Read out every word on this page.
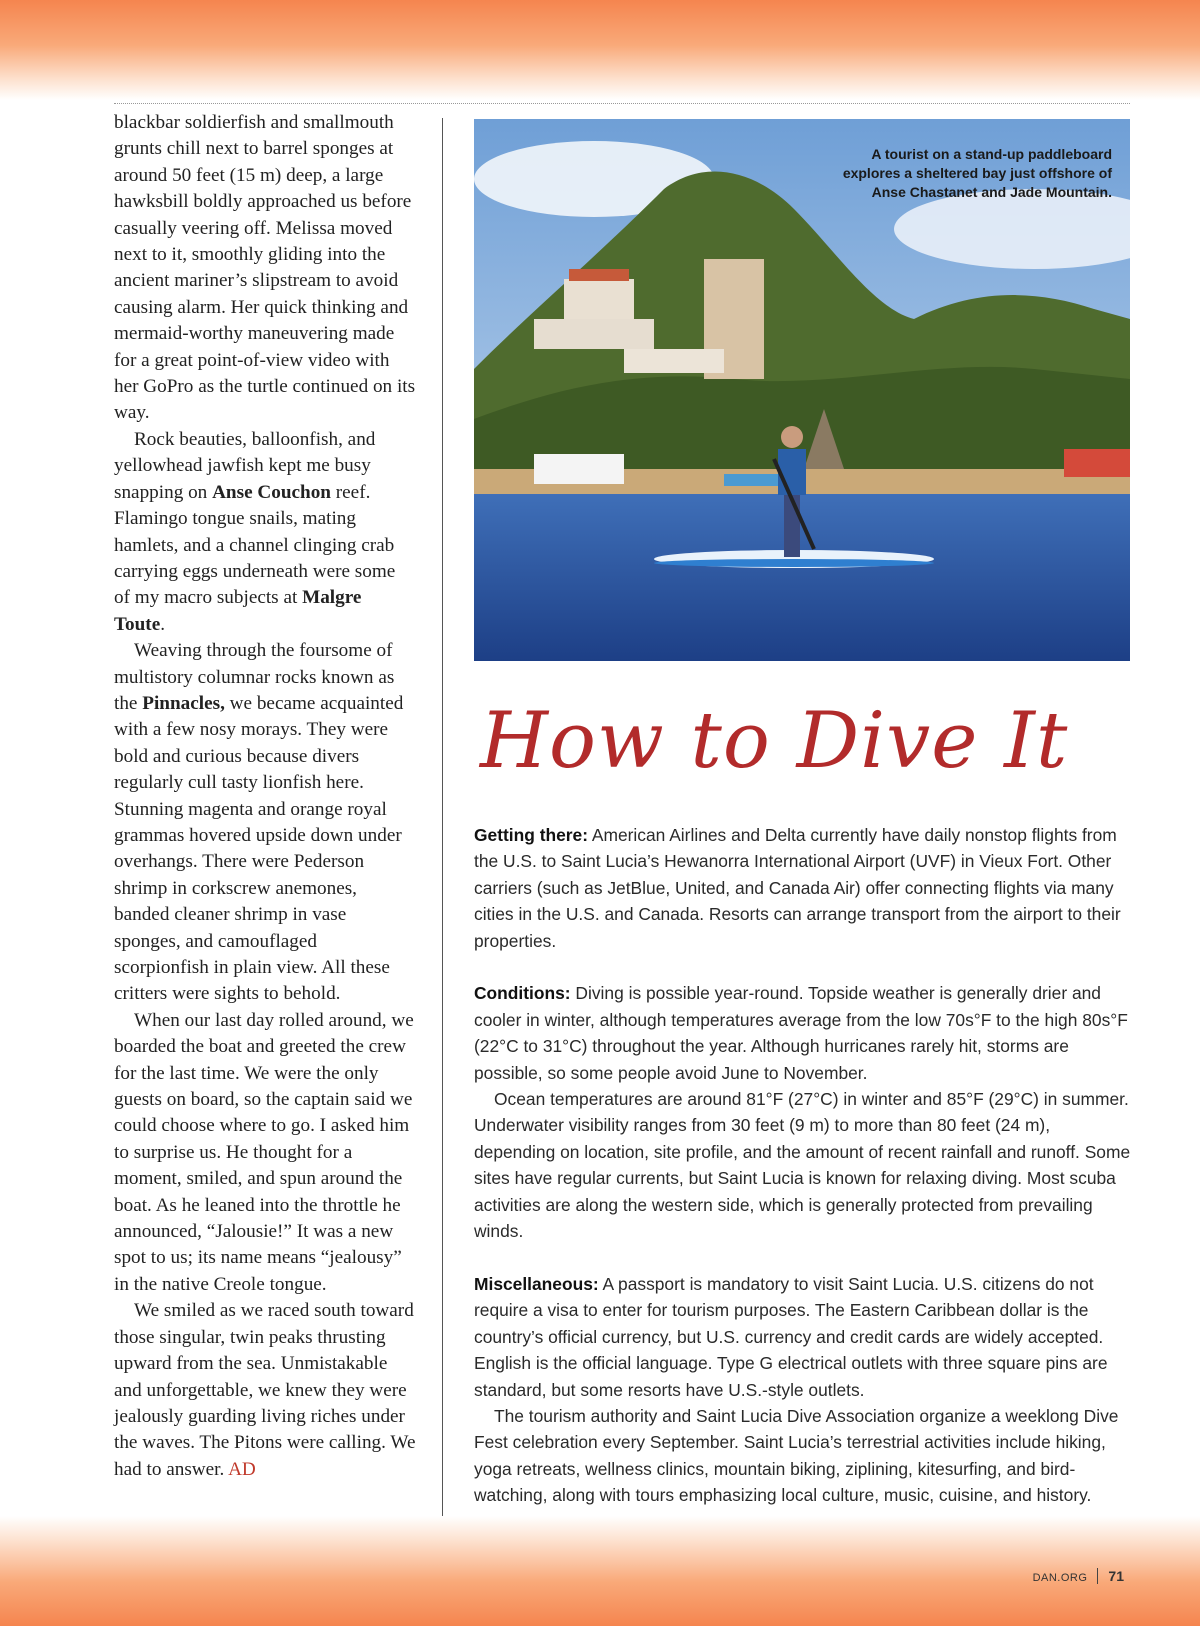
blackbar soldierfish and smallmouth grunts chill next to barrel sponges at around 50 feet (15 m) deep, a large hawksbill boldly approached us before casually veering off. Melissa moved next to it, smoothly gliding into the ancient mariner’s slipstream to avoid causing alarm. Her quick thinking and mermaid-worthy maneuvering made for a great point-of-view video with her GoPro as the turtle continued on its way.

Rock beauties, balloonfish, and yellowhead jawfish kept me busy snapping on Anse Couchon reef. Flamingo tongue snails, mating hamlets, and a channel clinging crab carrying eggs underneath were some of my macro subjects at Malgre Toute.

Weaving through the foursome of multistory columnar rocks known as the Pinnacles, we became acquainted with a few nosy morays. They were bold and curious because divers regularly cull tasty lionfish here. Stunning magenta and orange royal grammas hovered upside down under overhangs. There were Pederson shrimp in corkscrew anemones, banded cleaner shrimp in vase sponges, and camouflaged scorpionfish in plain view. All these critters were sights to behold.

When our last day rolled around, we boarded the boat and greeted the crew for the last time. We were the only guests on board, so the captain said we could choose where to go. I asked him to surprise us. He thought for a moment, smiled, and spun around the boat. As he leaned into the throttle he announced, “Jalousie!” It was a new spot to us; its name means “jealousy” in the native Creole tongue.

We smiled as we raced south toward those singular, twin peaks thrusting upward from the sea. Unmistakable and unforgettable, we knew they were jealously guarding living riches under the waves. The Pitons were calling. We had to answer. AD

A tourist on a stand-up paddleboard explores a sheltered bay just offshore of Anse Chastanet and Jade Mountain.
How to Dive It

Getting there: American Airlines and Delta currently have daily nonstop flights from the U.S. to Saint Lucia’s Hewanorra International Airport (UVF) in Vieux Fort. Other carriers (such as JetBlue, United, and Canada Air) offer connecting flights via many cities in the U.S. and Canada. Resorts can arrange transport from the airport to their properties.

Conditions: Diving is possible year-round. Topside weather is generally drier and cooler in winter, although temperatures average from the low 70s°F to the high 80s°F (22°C to 31°C) throughout the year. Although hurricanes rarely hit, storms are possible, so some people avoid June to November.

Ocean temperatures are around 81°F (27°C) in winter and 85°F (29°C) in summer. Underwater visibility ranges from 30 feet (9 m) to more than 80 feet (24 m), depending on location, site profile, and the amount of recent rainfall and runoff. Some sites have regular currents, but Saint Lucia is known for relaxing diving. Most scuba activities are along the western side, which is generally protected from prevailing winds.

Miscellaneous: A passport is mandatory to visit Saint Lucia. U.S. citizens do not require a visa to enter for tourism purposes. The Eastern Caribbean dollar is the country’s official currency, but U.S. currency and credit cards are widely accepted. English is the official language. Type G electrical outlets with three square pins are standard, but some resorts have U.S.-style outlets.

The tourism authority and Saint Lucia Dive Association organize a weeklong Dive Fest celebration every September. Saint Lucia’s terrestrial activities include hiking, yoga retreats, wellness clinics, mountain biking, ziplining, kitesurfing, and bird-watching, along with tours emphasizing local culture, music, cuisine, and history.

DAN.ORG 71
